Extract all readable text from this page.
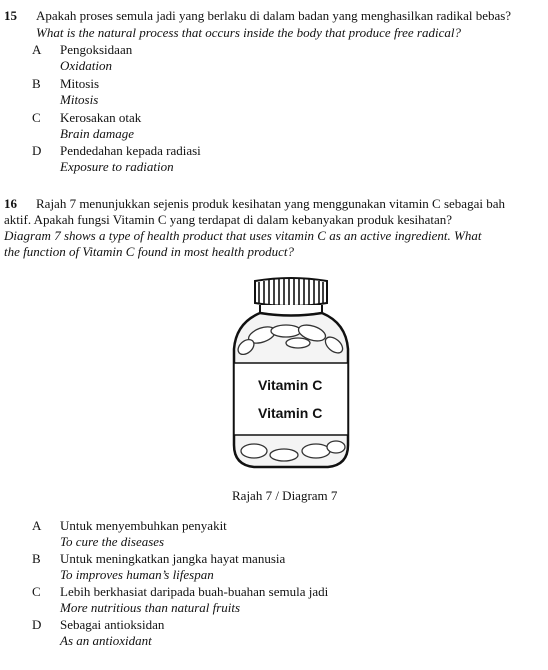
15 Apakah proses semula jadi yang berlaku di dalam badan yang menghasilkan radikal bebas?
What is the natural process that occurs inside the body that produce free radical?
A Pengoksidaan
Oxidation
B Mitosis
Mitosis
C Kerosakan otak
Brain damage
D Pendedahan kepada radiasi
Exposure to radiation
16 Rajah 7 menunjukkan sejenis produk kesihatan yang menggunakan vitamin C sebagai bah
aktif. Apakah fungsi Vitamin C yang terdapat di dalam kebanyakan produk kesihatan?
Diagram 7 shows a type of health product that uses vitamin C as an active ingredient. What
the function of Vitamin C found in most health product?
Vitamin C
Vitamin C
Rajah 7 / Diagram 7
A Untuk menyembuhkan penyakit
To cure the diseases
B Untuk meningkatkan jangka hayat manusia
To improves human’s lifespan
C Lebih berkhasiat daripada buah-buahan semula jadi
More nutritious than natural fruits
D Sebagai antioksidan
As an antioxidant
